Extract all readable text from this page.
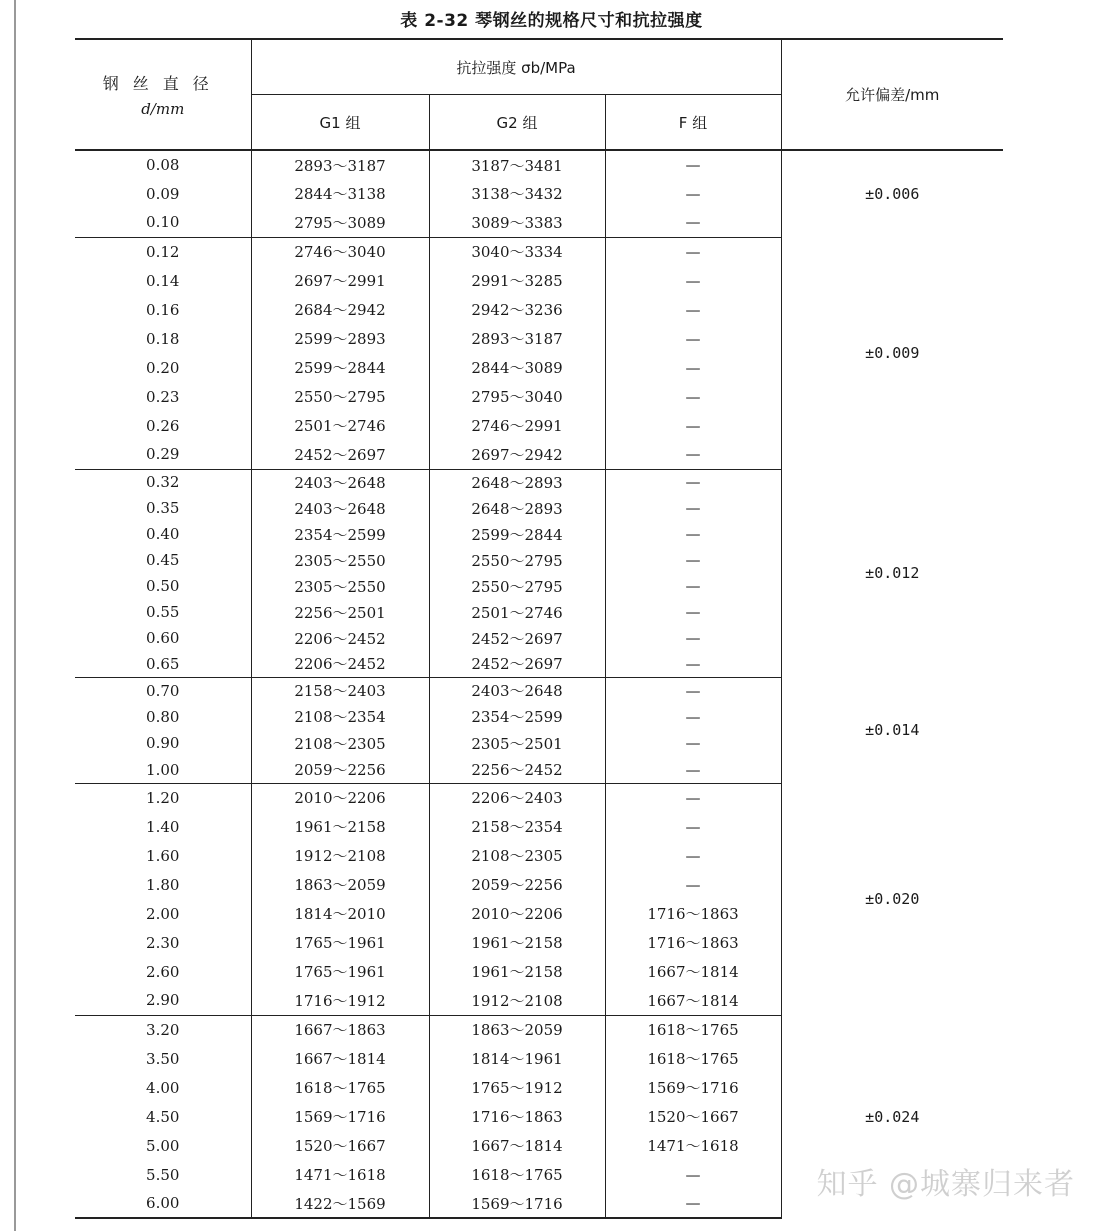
表 2-32 琴钢丝的规格尺寸和抗拉强度
钢丝直径
d/mm	抗拉强度 σb/MPa			允许偏差/mm
	G1 组	G2 组	F 组	
0.08	2893～3187	3187～3481	—	±0.006
0.09	2844～3138	3138～3432	—	
0.10	2795～3089	3089～3383	—	
0.12	2746～3040	3040～3334	—	±0.009
0.14	2697～2991	2991～3285	—	
0.16	2684～2942	2942～3236	—	
0.18	2599～2893	2893～3187	—	
0.20	2599～2844	2844～3089	—	
0.23	2550～2795	2795～3040	—	
0.26	2501～2746	2746～2991	—	
0.29	2452～2697	2697～2942	—	
0.32	2403～2648	2648～2893	—	±0.012
0.35	2403～2648	2648～2893	—	
0.40	2354～2599	2599～2844	—	
0.45	2305～2550	2550～2795	—	
0.50	2305～2550	2550～2795	—	
0.55	2256～2501	2501～2746	—	
0.60	2206～2452	2452～2697	—	
0.65	2206～2452	2452～2697	—	
0.70	2158～2403	2403～2648	—	±0.014
0.80	2108～2354	2354～2599	—	
0.90	2108～2305	2305～2501	—	
1.00	2059～2256	2256～2452	—	
1.20	2010～2206	2206～2403	—	±0.020
1.40	1961～2158	2158～2354	—	
1.60	1912～2108	2108～2305	—	
1.80	1863～2059	2059～2256	—	
2.00	1814～2010	2010～2206	1716～1863	
2.30	1765～1961	1961～2158	1716～1863	
2.60	1765～1961	1961～2158	1667～1814	
2.90	1716～1912	1912～2108	1667～1814	
3.20	1667～1863	1863～2059	1618～1765	±0.024
3.50	1667～1814	1814～1961	1618～1765	
4.00	1618～1765	1765～1912	1569～1716	
4.50	1569～1716	1716～1863	1520～1667	
5.00	1520～1667	1667～1814	1471～1618	
5.50	1471～1618	1618～1765	—	
6.00	1422～1569	1569～1716	—	
知乎 @城寨归来者
